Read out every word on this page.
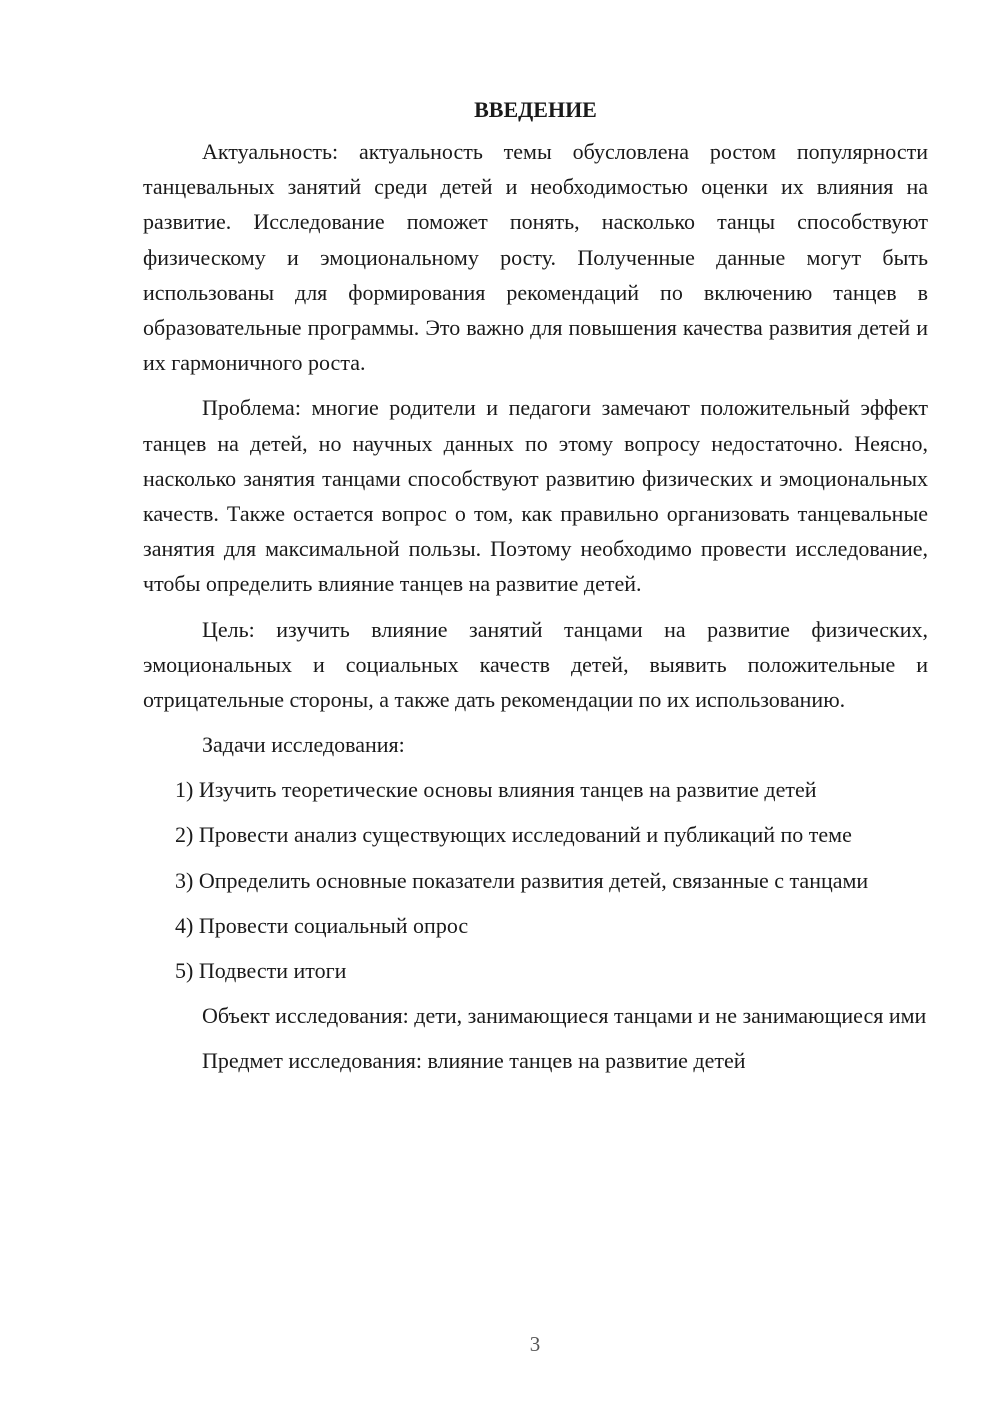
ВВЕДЕНИЕ

Актуальность: актуальность темы обусловлена ростом популярности танцевальных занятий среди детей и необходимостью оценки их влияния на развитие. Исследование поможет понять, насколько танцы способствуют физическому и эмоциональному росту. Полученные данные могут быть использованы для формирования рекомендаций по включению танцев в образовательные программы. Это важно для повышения качества развития детей и их гармоничного роста.

Проблема: многие родители и педагоги замечают положительный эффект танцев на детей, но научных данных по этому вопросу недостаточно. Неясно, насколько занятия танцами способствуют развитию физических и эмоциональных качеств. Также остается вопрос о том, как правильно организовать танцевальные занятия для максимальной пользы. Поэтому необходимо провести исследование, чтобы определить влияние танцев на развитие детей.

Цель: изучить влияние занятий танцами на развитие физических, эмоциональных и социальных качеств детей, выявить положительные и отрицательные стороны, а также дать рекомендации по их использованию.

Задачи исследования:

1) Изучить теоретические основы влияния танцев на развитие детей

2) Провести анализ существующих исследований и публикаций по теме

3) Определить основные показатели развития детей, связанные с танцами

4) Провести социальный опрос

5) Подвести итоги

Объект исследования: дети, занимающиеся танцами и не занимающиеся ими

Предмет исследования: влияние танцев на развитие детей

3
